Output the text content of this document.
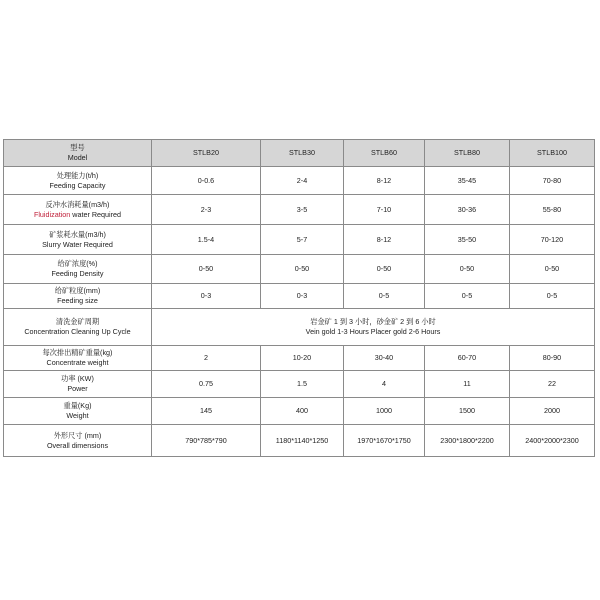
型号
Model	STLB20	STLB30	STLB60	STLB80	STLB100

处理能力(t/h)
Feeding Capacity	0-0.6	2-4	8-12	35-45	70-80

反冲水消耗量(m3/h)
Fluidization water Required	2-3	3-5	7-10	30-36	55-80

矿浆耗水量(m3/h)
Slurry Water Required	1.5-4	5-7	8-12	35-50	70-120

给矿浓度(%)
Feeding Density	0-50	0-50	0-50	0-50	0-50

给矿粒度(mm)
Feeding size	0-3	0-3	0-5	0-5	0-5

清洗金矿周期
Concentration Cleaning Up Cycle	岩金矿 1 到 3 小时，砂金矿 2 到 6 小时
Vein gold 1-3 Hours Placer gold 2-6 Hours				

每次排出精矿重量(kg)
Concentrate weight	2	10-20	30-40	60-70	80-90

功率 (KW)
Power	0.75	1.5	4	11	22

重量(Kg)
Weight	145	400	1000	1500	2000

外形尺寸 (mm)
Overall dimensions	790*785*790	1180*1140*1250	1970*1670*1750	2300*1800*2200	2400*2000*2300
